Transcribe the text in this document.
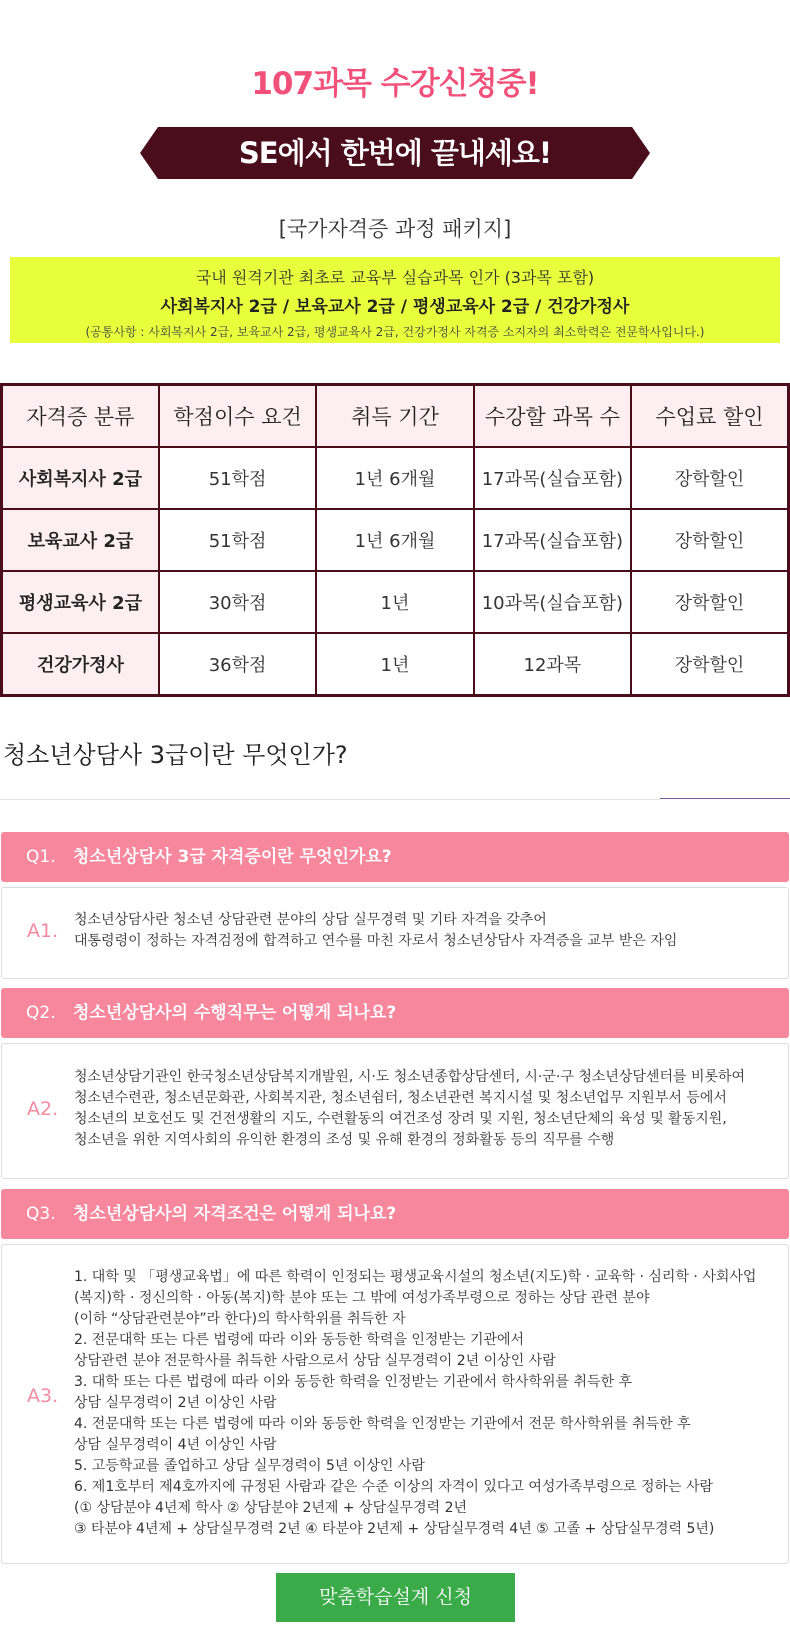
107과목 수강신청중!
SE에서 한번에 끝내세요!
[국가자격증 과정 패키지]
국내 원격기관 최초로 교육부 실습과목 인가 (3과목 포함)
사회복지사 2급 / 보육교사 2급 / 평생교육사 2급 / 건강가정사
(공통사항 : 사회복지사 2급, 보육교사 2급, 평생교육사 2급, 건강가정사 자격증 소지자의 최소학력은 전문학사입니다.)
자격증 분류	학점이수 요건	취득 기간	수강할 과목 수	수업료 할인
사회복지사 2급	51학점	1년 6개월	17과목(실습포함)	장학할인
보육교사 2급	51학점	1년 6개월	17과목(실습포함)	장학할인
평생교육사 2급	30학점	1년	10과목(실습포함)	장학할인
건강가정사	36학점	1년	12과목	장학할인
청소년상담사 3급이란 무엇인가?
Q1. 청소년상담사 3급 자격증이란 무엇인가요?
A1. 청소년상담사란 청소년 상담관련 분야의 상담 실무경력 및 기타 자격을 갖추어
대통령령이 정하는 자격검정에 합격하고 연수를 마친 자로서 청소년상담사 자격증을 교부 받은 자임
Q2. 청소년상담사의 수행직무는 어떻게 되나요?
A2.
청소년상담기관인 한국청소년상담복지개발원, 시·도 청소년종합상담센터, 시·군·구 청소년상담센터를 비롯하여
청소년수련관, 청소년문화관, 사회복지관, 청소년쉼터, 청소년관련 복지시설 및 청소년업무 지원부서 등에서
청소년의 보호선도 및 건전생활의 지도, 수련활동의 여건조성 장려 및 지원, 청소년단체의 육성 및 활동지원,
청소년을 위한 지역사회의 유익한 환경의 조성 및 유해 환경의 정화활동 등의 직무를 수행
Q3. 청소년상담사의 자격조건은 어떻게 되나요?
A3.
1. 대학 및 「평생교육법」에 따른 학력이 인정되는 평생교육시설의 청소년(지도)학 · 교육학 · 심리학 · 사회사업
(복지)학 · 정신의학 · 아동(복지)학 분야 또는 그 밖에 여성가족부령으로 정하는 상담 관련 분야
(이하 “상담관련분야”라 한다)의 학사학위를 취득한 자
2. 전문대학 또는 다른 법령에 따라 이와 동등한 학력을 인정받는 기관에서
상담관련 분야 전문학사를 취득한 사람으로서 상담 실무경력이 2년 이상인 사람
3. 대학 또는 다른 법령에 따라 이와 동등한 학력을 인정받는 기관에서 학사학위를 취득한 후
상담 실무경력이 2년 이상인 사람
4. 전문대학 또는 다른 법령에 따라 이와 동등한 학력을 인정받는 기관에서 전문 학사학위를 취득한 후
상담 실무경력이 4년 이상인 사람
5. 고등학교를 졸업하고 상담 실무경력이 5년 이상인 사람
6. 제1호부터 제4호까지에 규정된 사람과 같은 수준 이상의 자격이 있다고 여성가족부령으로 정하는 사람
(① 상담분야 4년제 학사 ② 상담분야 2년제 + 상담실무경력 2년
③ 타분야 4년제 + 상담실무경력 2년 ④ 타분야 2년제 + 상담실무경력 4년 ⑤ 고졸 + 상담실무경력 5년)
맞춤학습설계 신청
